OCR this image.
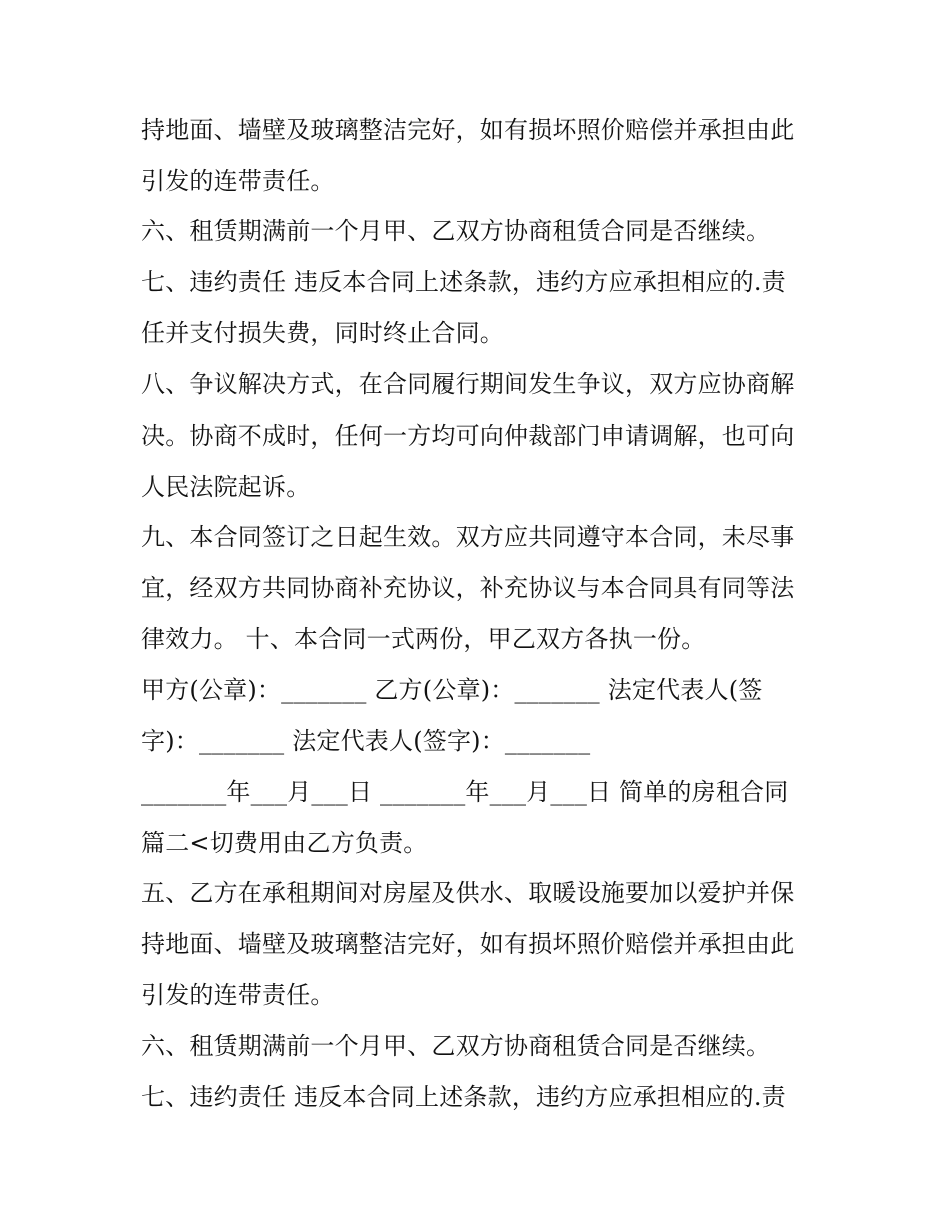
持地面、墙壁及玻璃整洁完好，如有损坏照价赔偿并承担由此
引发的连带责任。
六、租赁期满前一个月甲、乙双方协商租赁合同是否继续。
七、违约责任 违反本合同上述条款，违约方应承担相应的.责
任并支付损失费，同时终止合同。
八、争议解决方式，在合同履行期间发生争议，双方应协商解
决。协商不成时，任何一方均可向仲裁部门申请调解，也可向
人民法院起诉。
九、本合同签订之日起生效。双方应共同遵守本合同，未尽事
宜，经双方共同协商补充协议，补充协议与本合同具有同等法
律效力。 十、本合同一式两份，甲乙双方各执一份。
甲方(公章)：_______ 乙方(公章)：_______ 法定代表人(签
字)：_______ 法定代表人(签字)：_______
_______年___月___日 _______年___月___日 简单的房租合同
篇二<切费用由乙方负责。
五、乙方在承租期间对房屋及供水、取暖设施要加以爱护并保
持地面、墙壁及玻璃整洁完好，如有损坏照价赔偿并承担由此
引发的连带责任。
六、租赁期满前一个月甲、乙双方协商租赁合同是否继续。
七、违约责任 违反本合同上述条款，违约方应承担相应的.责
